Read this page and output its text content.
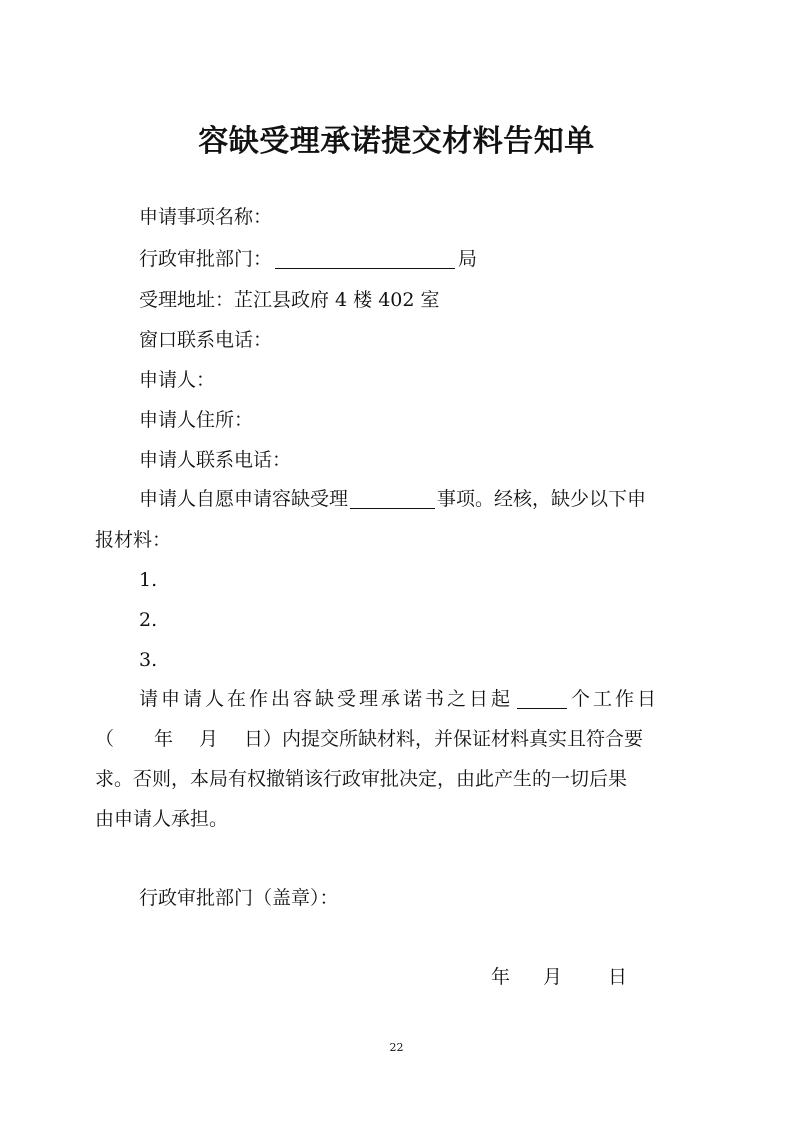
容缺受理承诺提交材料告知单
申请事项名称：
行政审批部门：	局
受理地址：芷江县政府 4 楼 402 室
窗口联系电话：
申请人：
申请人住所：
申请人联系电话：
申请人自愿申请容缺受理	事项。经核，缺少以下申
报材料：
1.
2.
3.
请申请人在作出容缺受理承诺书之日起	个工作日
（ 年 月 日）内提交所缺材料，并保证材料真实且符合要
求。否则，本局有权撤销该行政审批决定，由此产生的一切后果
由申请人承担。
行政审批部门（盖章）：
年 月 日
22
